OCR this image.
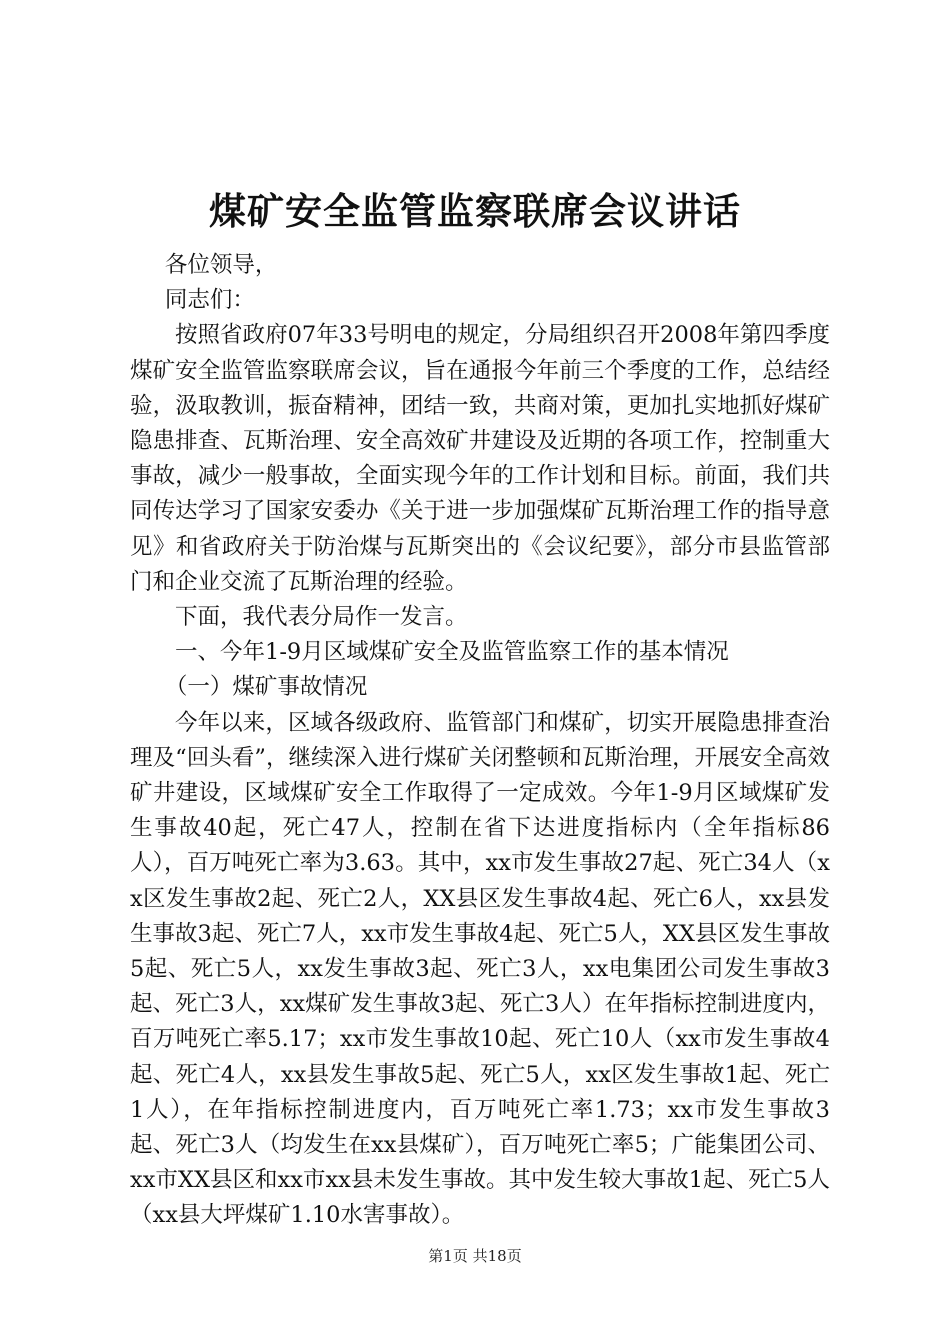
煤矿安全监管监察联席会议讲话

各位领导，

同志们：

按照省政府07年33号明电的规定，分局组织召开2008年第四季度煤矿安全监管监察联席会议，旨在通报今年前三个季度的工作，总结经验，汲取教训，振奋精神，团结一致，共商对策，更加扎实地抓好煤矿隐患排查、瓦斯治理、安全高效矿井建设及近期的各项工作，控制重大事故，减少一般事故，全面实现今年的工作计划和目标。前面，我们共同传达学习了国家安委办《关于进一步加强煤矿瓦斯治理工作的指导意见》和省政府关于防治煤与瓦斯突出的《会议纪要》，部分市县监管部门和企业交流了瓦斯治理的经验。

下面，我代表分局作一发言。

一、今年1-9月区域煤矿安全及监管监察工作的基本情况

（一）煤矿事故情况

今年以来，区域各级政府、监管部门和煤矿，切实开展隐患排查治理及“回头看”，继续深入进行煤矿关闭整顿和瓦斯治理，开展安全高效矿井建设，区域煤矿安全工作取得了一定成效。今年1-9月区域煤矿发生事故40起，死亡47人，控制在省下达进度指标内（全年指标86人），百万吨死亡率为3.63。其中，xx市发生事故27起、死亡34人（xx区发生事故2起、死亡2人，XX县区发生事故4起、死亡6人，xx县发生事故3起、死亡7人，xx市发生事故4起、死亡5人，XX县区发生事故5起、死亡5人，xx发生事故3起、死亡3人，xx电集团公司发生事故3起、死亡3人，xx煤矿发生事故3起、死亡3人）在年指标控制进度内，百万吨死亡率5.17；xx市发生事故10起、死亡10人（xx市发生事故4起、死亡4人，xx县发生事故5起、死亡5人，xx区发生事故1起、死亡1人），在年指标控制进度内，百万吨死亡率1.73；xx市发生事故3起、死亡3人（均发生在xx县煤矿），百万吨死亡率5；广能集团公司、xx市XX县区和xx市xx县未发生事故。其中发生较大事故1起、死亡5人（xx县大坪煤矿1.10水害事故）。

第1页 共18页
